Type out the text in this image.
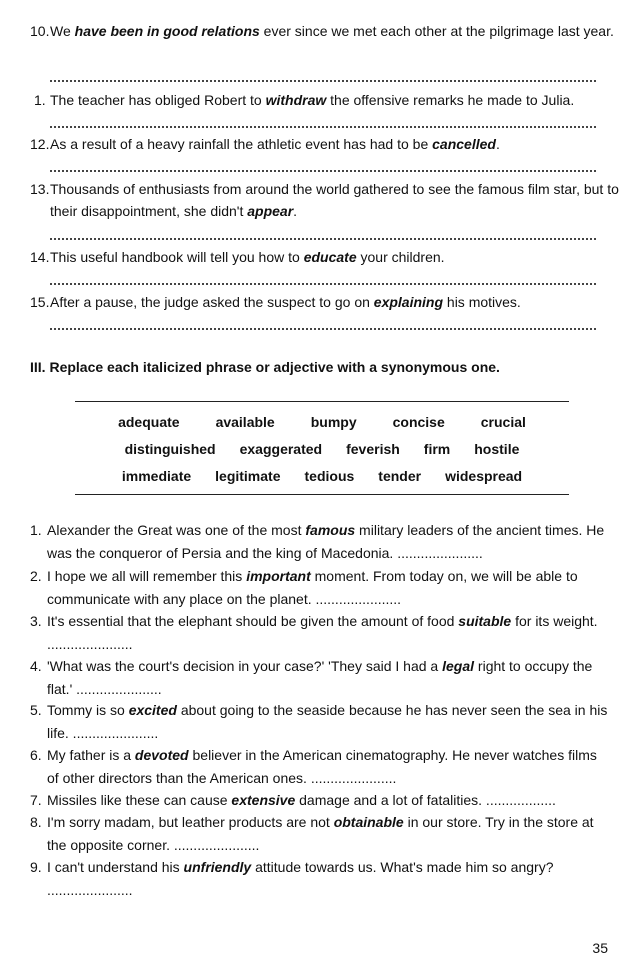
10. We have been in good relations ever since we met each other at the pilgrimage last year.
1. The teacher has obliged Robert to withdraw the offensive remarks he made to Julia.
12. As a result of a heavy rainfall the athletic event has had to be cancelled.
13. Thousands of enthusiasts from around the world gathered to see the famous film star, but to their disappointment, she didn't appear.
14. This useful handbook will tell you how to educate your children.
15. After a pause, the judge asked the suspect to go on explaining his motives.
III. Replace each italicized phrase or adjective with a synonymous one.
adequate	available	bumpy	concise	crucial
distinguished exaggerated feverish firm hostile
immediate legitimate tedious tender widespread
1. Alexander the Great was one of the most famous military leaders of the ancient times. He was the conqueror of Persia and the king of Macedonia. ......................
2. I hope we all will remember this important moment. From today on, we will be able to communicate with any place on the planet. ......................
3. It's essential that the elephant should be given the amount of food suitable for its weight. ......................
4. 'What was the court's decision in your case?' 'They said I had a legal right to occupy the flat.' ......................
5. Tommy is so excited about going to the seaside because he has never seen the sea in his life. ......................
6. My father is a devoted believer in the American cinematography. He never watches films of other directors than the American ones. ......................
7. Missiles like these can cause extensive damage and a lot of fatalities. ..................
8. I'm sorry madam, but leather products are not obtainable in our store. Try in the store at the opposite corner. ......................
9. I can't understand his unfriendly attitude towards us. What's made him so angry? ......................
35
